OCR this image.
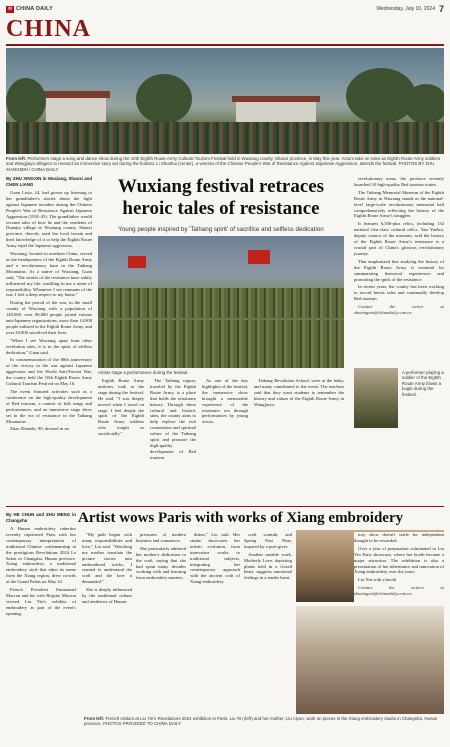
中 CHINA DAILY	Wednesday, July 10, 2024 7
CHINA
From left: Performers stage a song and dance show during the 10th Eighth Route Army Cultural Tourism Festival held in Wuxiang county, Shanxi province, in May this year. Actors take on roles as Eighth Route Army soldiers and Wangjiayu villagers to reenact an immersive story set during the festival. Li Shunhui (center), a veteran of the Chinese People's War of Resistance Against Japanese Aggression, attends the festival. PHOTOS BY ZHU XIANGMIN / CHINA DAILY
By ZHU XINGXIN in Wuxiang, Shanxi and CHEN LIANG

Guan Lixia, 24, had grown up listening to her grandfather's stories about the fight against Japanese invaders during the Chinese People's War of Resistance Against Japanese Aggression (1931-45). The grandfather would recount tales of how he and the residents of Duanjiu village in Wuxiang county, Shanxi province, directly used the local terrain and their knowledge of it to help the Eighth Route Army repel the Japanese aggressors.

Wuxiang, located in northern China, served as the headquarters of the Eighth Route Army and a revolutionary base in the Taihang Mountains. As a native of Wuxiang, Guan said, "The stories of the resistance have subtly influenced my life, instilling in me a sense of responsibility. Whenever I see remnants of the war, I feel a deep respect to my home."

During the period of the war, in the small county of Wuxiang with a population of 140,000, over 90,000 people joined various anti-Japanese organizations, more than 14,000 people enlisted in the Eighth Route Army, and over 20,000 sacrificed their lives.

"When I see Wuxiang apart from other revolution sites, it is in the spirit of selfless dedication," Guan said.

In commemoration of the 80th anniversary of the victory in the war against Japanese aggression and the World Anti-Fascist War, the county held the 10th Eighth Route Army Cultural Tourism Festival on May 16.

The event featured activities such as a conference on the high-quality development of Red tourism, a contest of folk songs and performances, and an immersive stage show set in the era of resistance in the Taihang Mountains.

Zhao Zhenzhi, 90, dressed in an

Wuxiang festival retraces heroic tales of resistance
Young people inspired by 'Taihang spirit' of sacrifice and selfless dedication
Artists stage a performance during the festival.

Eighth Route Army uniform, took to the stage during the festival. He said, "I was deeply moved when I stood on stage. I feel deeply the spirit of the Eighth Route Army soldiers who fought so sacrificially."

The Taihang region, traveled by the Eighth Route Army, is a place that holds the resistance history. Through these cultural and historic sites, the county aims to help explore the rich connotation and spiritual values of the Taihang spirit and promote the high-quality development of Red tourism.

As one of the key highlights of the festival, the immersive show brought a memorable experience of the resistance era through performances by young actors.

Taihang Revolution School, were at the helm, and many contributed to the event. The teachers said that they want students to remember the history and values of the Eighth Route Army in Wangjiayu.

revolutionary areas, the province recently launched 10 high-quality Red tourism routes.

The Taihang Memorial Museum of the Eighth Route Army in Wuxiang stands as the national-level large-scale revolutionary memorial hall comprehensively reflecting the history of the Eighth Route Army's struggles.

It features 6,500-plus relics, including 134 national first-class cultural relics. Yan Yuehui, deputy curator of the museum, said the history of the Eighth Route Army's resistance is a crucial part of China's glorious revolutionary journey.

That emphasized that studying the history of the Eighth Route Army is essential for summarizing historical experiences and promoting the spirit of the resistance.

In recent years, the county has been working to record heroic tales and continually develop Red tourism.

Contact the writer at zhuxingxin@chinadaily.com.cn

A performer playing a soldier of the Eighth Route Army blows a bugle during the festival.
Artist wows Paris with works of Xiang embroidery
By HE CHUN and ZHU MENG in Changsha

A Hunan embroidery inheritor recently captivated Paris with her contemporary interpretation of traditional Chinese craftsmanship at the prestigious Revelations 2024 Le Salon in Changsha, Hunan province. Xiang embroidery, a traditional embroidery style that takes its name from the Xiang region, drew crowds at the Grand Palais on May 22.

French President Emmanuel Macron and his wife Brigitte Macron viewed Liu Yin's exhibits of embroidery as part of the event's opening.

"My path began with many responsibilities and love," Liu said. "Watching my mother translate the picture stories into embroidered works, I wanted to understand the craft and the love it demanded."

She is deeply influenced by the traditional culture and aesthetics of Hunan.

pressures of modern business and commerce.

She particularly admired her mother's dedication to the craft, saying that she had spent many decades working with and learning from embroidery masters.

dition," Liu said. Her studio showcases her artistic evolution, from innovative works to traditional subjects, integrating her contemporary approach with the ancient craft of Xiang embroidery.

craft warmth, and Spring Past Nine, inspired by a poet giver.

Another notable work, Motherly Love, depicting plants held in a closed heart, suggests emotional feelings in a tender heart.

tory show doesn't settle for independent thought to be rewarded.

Over a year of preparation culminated in Liu Yin Paris showcase, where her booth became a major attraction. The exhibition is also a presentation of her inheritance and innovation of Xiang embroidery over the years.

Liu Yin with a booth

Contact the writers at zhuxingxin@chinadaily.com.cn

From left: French visitors at Liu Yin's Revelations 2024 exhibition in Paris. Liu Yin (left) and her mother, Liu Aiyun, work on pieces in the Xiang embroidery studio in Changsha, Hunan province. PHOTOS PROVIDED TO CHINA DAILY
